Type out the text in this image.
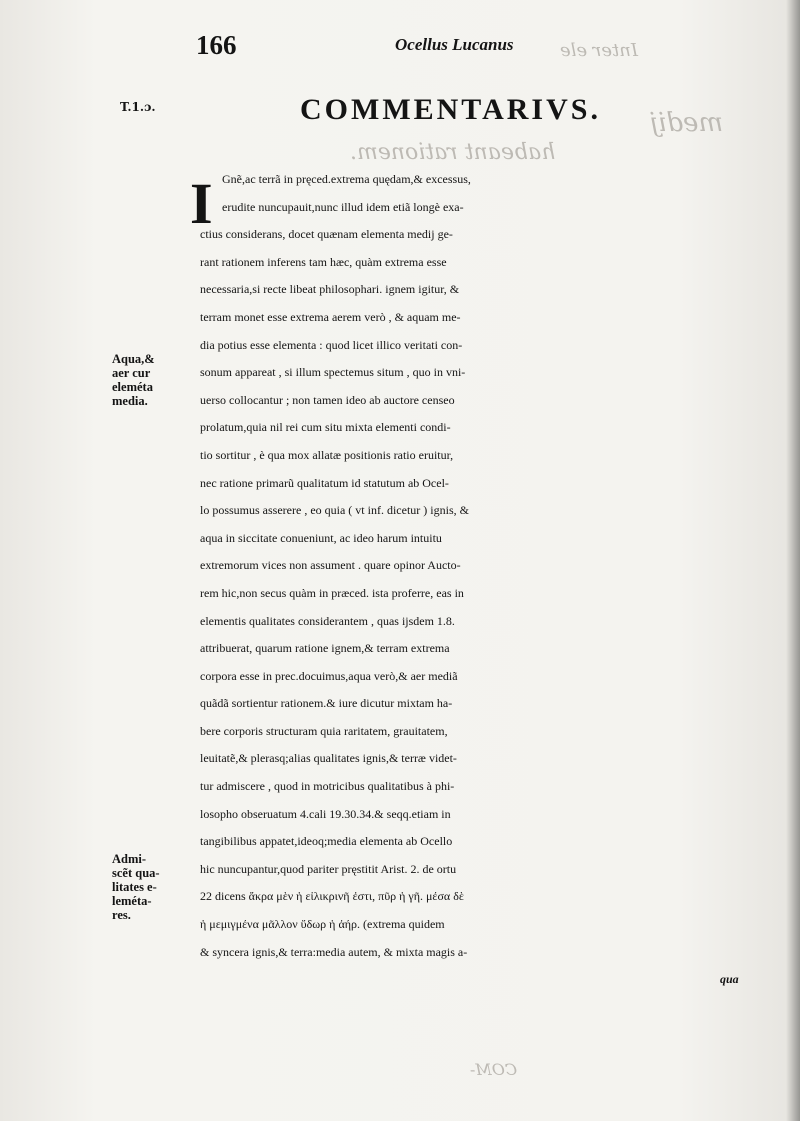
Inter ele
medij
habeant rationem.
COM-
166	Ocellus Lucanus
T.1.ɔ.	COMMENTARIVS.
Aqua,&
aer cur
eleméta
media.
Admi-
scẽt qua-
litates e-
leméta-
res.
I Gnẽ,ac terrã in pręced.extrema quędam,& excessus,
erudite nuncupauit,nunc illud idem etiã longè exa-
ctius considerans, docet quænam elementa medij ge-
rant rationem inferens tam hæc, quàm extrema esse
necessaria,si recte libeat philosophari. ignem igitur, &
terram monet esse extrema aerem verò , & aquam me-
dia potius esse elementa : quod licet illico veritati con-
sonum appareat , si illum spectemus situm , quo in vni-
uerso collocantur ; non tamen ideo ab auctore censeo
prolatum,quia nil rei cum situ mixta elementi condi-
tio sortitur , è qua mox allatæ positionis ratio eruitur,
nec ratione primarũ qualitatum id statutum ab Ocel-
lo possumus asserere , eo quia ( vt inf. dicetur ) ignis, &
aqua in siccitate conueniunt, ac ideo harum intuitu
extremorum vices non assument . quare opinor Aucto-
rem hic,non secus quàm in præced. ista proferre, eas in
elementis qualitates considerantem , quas ijsdem 1.8.
attribuerat, quarum ratione ignem,& terram extrema
corpora esse in prec.docuimus,aqua verò,& aer mediã
quãdã sortientur rationem.& iure dicutur mixtam ha-
bere corporis structuram quia raritatem, grauitatem,
leuitatẽ,& plerasq;alias qualitates ignis,& terræ videt-
tur admiscere , quod in motricibus qualitatibus à phi-
losopho obseruatum 4.cali 19.30.34.& seqq.etiam in
tangibilibus appatet,ideoq;media elementa ab Ocello
hic nuncupantur,quod pariter pręstitit Arist. 2. de ortu
22 dicens ἄκρα μὲν ἡ εἰλικρινῆ ἐστι, πῦρ ἡ γῆ. μέσα δὲ
ἡ μεμιγμένα μᾶλλον ὕδωρ ἡ ἀήρ. (extrema quidem
& syncera ignis,& terra:media autem, & mixta magis a-
qua
